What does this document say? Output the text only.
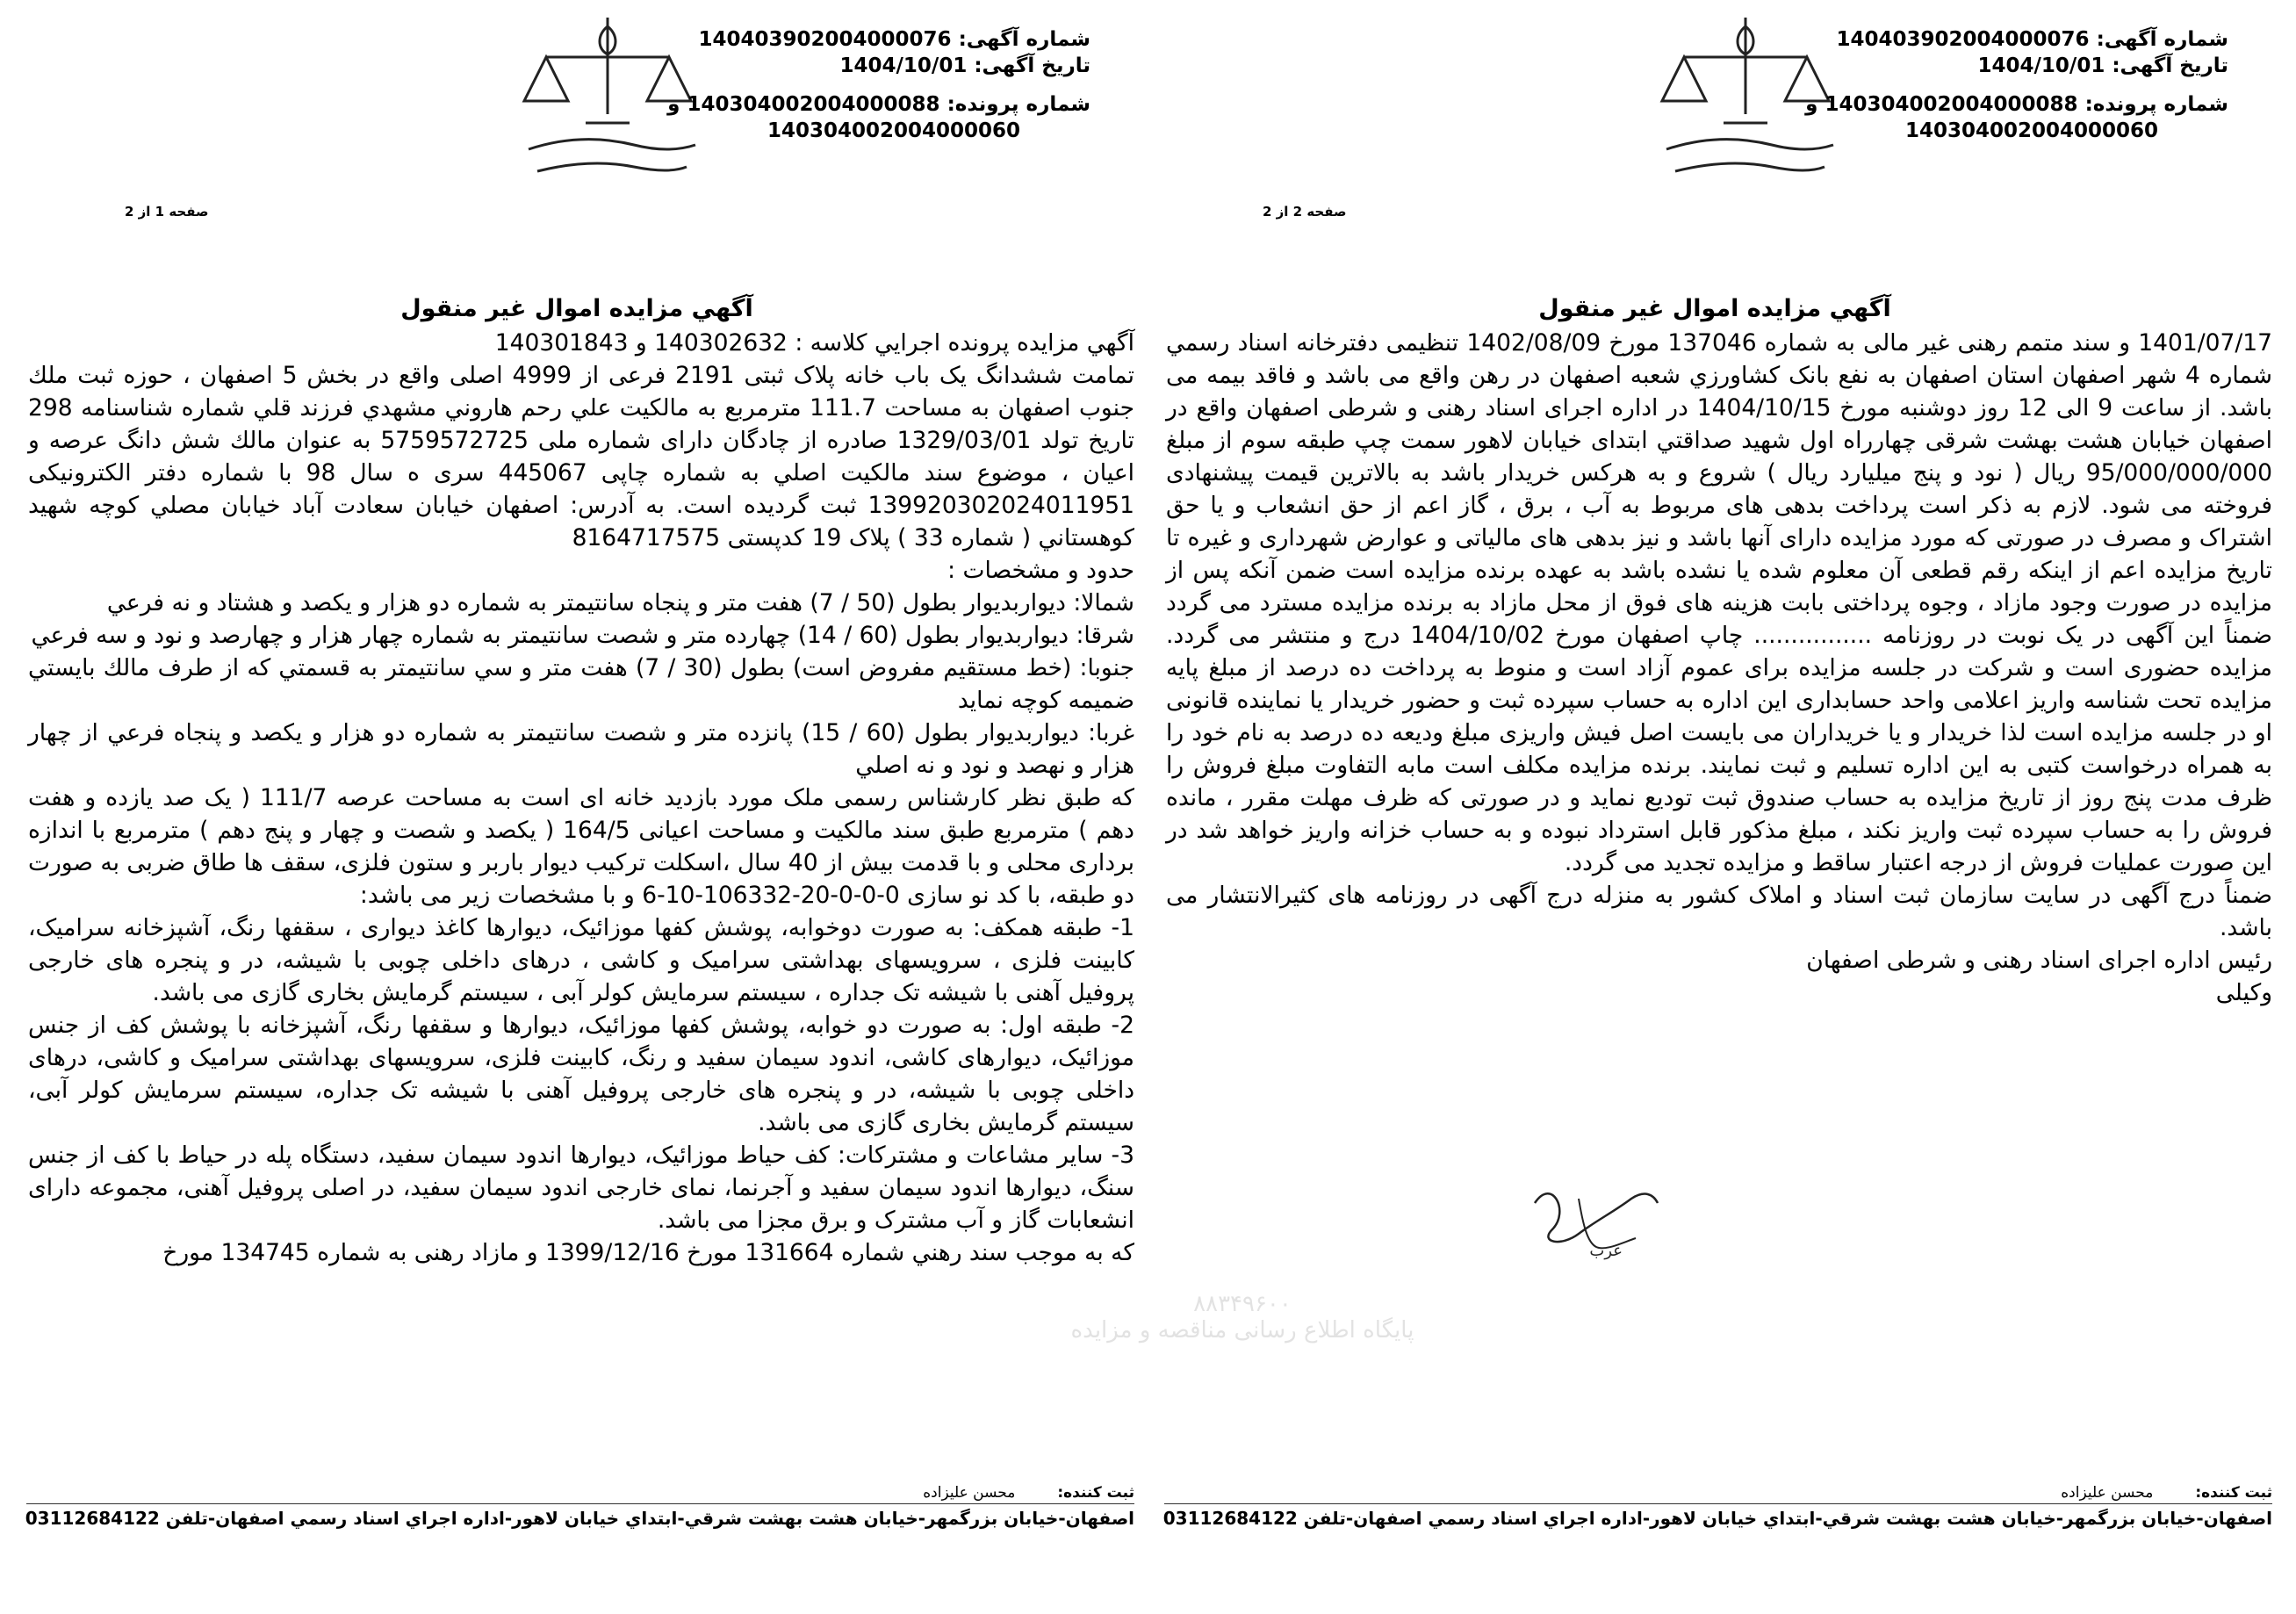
شماره آگهی: 140403902004000076
تاریخ آگهی: 1404/10/01
شماره پرونده: 140304002004000088 و
140304002004000060
صفحه 1 از 2
آگهي مزايده اموال غير منقول

آگهي مزايده پرونده اجرايي كلاسه : 140302632 و 140301843

تمامت ششدانگ یک باب خانه پلاک ثبتی 2191 فرعی از 4999 اصلی واقع در بخش 5 اصفهان ، حوزه ثبت ملك جنوب اصفهان به مساحت 111.7 مترمربع به مالكيت علي رحم هاروني مشهدي فرزند قلي شماره شناسنامه 298 تاريخ تولد 1329/03/01 صادره از چادگان دارای شماره ملی 5759572725 به عنوان مالك شش دانگ عرصه و اعيان ، موضوع سند مالكيت اصلي به شماره چاپی 445067 سری ه سال 98 با شماره دفتر الكترونيكی 139920302024011951 ثبت گرديده است. به آدرس: اصفهان خیابان سعادت آباد خيابان مصلي كوچه شهيد كوهستاني ( شماره 33 ) پلاک 19 كدپستی 8164717575

حدود و مشخصات :

شمالا: ديواربديوار بطول (50 / 7) هفت متر و پنجاه سانتيمتر به شماره دو هزار و يكصد و هشتاد و نه فرعي

شرقا: ديواربديوار بطول (60 / 14) چهارده متر و شصت سانتيمتر به شماره چهار هزار و چهارصد و نود و سه فرعي

جنوبا: (خط مستقيم مفروض است) بطول (30 / 7) هفت متر و سي سانتيمتر به قسمتي كه از طرف مالك بايستي ضميمه كوچه نمايد

غربا: ديواربديوار بطول (60 / 15) پانزده متر و شصت سانتيمتر به شماره دو هزار و يكصد و پنجاه فرعي از چهار هزار و نهصد و نود و نه اصلي

كه طبق نظر كارشناس رسمی ملک مورد بازديد خانه ای است به مساحت عرصه 111/7 ( يک صد يازده و هفت دهم ) مترمربع طبق سند مالكيت و مساحت اعيانی 164/5 ( يكصد و شصت و چهار و پنج دهم ) مترمربع با اندازه برداری محلی و با قدمت بيش از 40 سال ،اسكلت تركيب ديوار باربر و ستون فلزی، سقف ها طاق ضربی به صورت دو طبقه، با كد نو سازی 0-0-0-20-106332-10-6 و با مشخصات زير می باشد:

1- طبقه همكف: به صورت دوخوابه، پوشش كفها موزائيک، ديوارها كاغذ ديواری ، سقفها رنگ، آشپزخانه سراميک، كابينت فلزی ، سرويسهای بهداشتی سراميک و كاشی ، درهای داخلی چوبی با شيشه، در و پنجره های خارجی پروفيل آهنی با شيشه تک جداره ، سيستم سرمايش كولر آبی ، سيستم گرمايش بخاری گازی می باشد.

2- طبقه اول: به صورت دو خوابه، پوشش كفها موزائيک، ديوارها و سقفها رنگ، آشپزخانه با پوشش كف از جنس موزائيک، ديوارهای كاشی، اندود سيمان سفيد و رنگ، كابينت فلزی، سرويسهای بهداشتی سراميک و كاشی، درهای داخلی چوبی با شيشه، در و پنجره های خارجی پروفيل آهنی با شيشه تک جداره، سيستم سرمايش كولر آبی، سيستم گرمايش بخاری گازی می باشد.

3- ساير مشاعات و مشتركات: كف حياط موزائيک، ديوارها اندود سيمان سفيد، دستگاه پله در حياط با كف از جنس سنگ، ديوارها اندود سيمان سفيد و آجرنما، نمای خارجی اندود سيمان سفيد، در اصلی پروفيل آهنی، مجموعه دارای انشعابات گاز و آب مشترک و برق مجزا می باشد.

كه به موجب سند رهني شماره 131664 مورخ 1399/12/16 و مازاد رهنی به شماره 134745 مورخ

ثبت كننده:محسن عليزاده
اصفهان-خيابان بزرگمهر-خيابان هشت بهشت شرقي-ابتداي خيابان لاهور-اداره اجراي اسناد رسمي اصفهان-تلفن 03112684122
شماره آگهی: 140403902004000076
تاریخ آگهی: 1404/10/01
شماره پرونده: 140304002004000088 و
140304002004000060
صفحه 2 از 2
آگهي مزايده اموال غير منقول

1401/07/17 و سند متمم رهنی غير مالی به شماره 137046 مورخ 1402/08/09 تنظيمی دفترخانه اسناد رسمي شماره 4 شهر اصفهان استان اصفهان به نفع بانک كشاورزي شعبه اصفهان در رهن واقع می باشد و فاقد بيمه می باشد. از ساعت 9 الی 12 روز دوشنبه مورخ 1404/10/15 در اداره اجرای اسناد رهنی و شرطی اصفهان واقع در اصفهان خيابان هشت بهشت شرقی چهارراه اول شهيد صداقتي ابتدای خيابان لاهور سمت چپ طبقه سوم از مبلغ 95/000/000/000 ريال ( نود و پنج ميليارد ريال ) شروع و به هركس خريدار باشد به بالاترين قيمت پيشنهادی فروخته می شود. لازم به ذكر است پرداخت بدهی های مربوط به آب ، برق ، گاز اعم از حق انشعاب و يا حق اشتراک و مصرف در صورتی كه مورد مزايده دارای آنها باشد و نيز بدهی های مالياتی و عوارض شهرداری و غيره تا تاريخ مزايده اعم از اينكه رقم قطعی آن معلوم شده يا نشده باشد به عهده برنده مزايده است ضمن آنكه پس از مزايده در صورت وجود مازاد ، وجوه پرداختی بابت هزينه های فوق از محل مازاد به برنده مزايده مسترد می گردد ضمناً اين آگهی در يک نوبت در روزنامه ................ چاپ اصفهان مورخ 1404/10/02 درج و منتشر می گردد. مزايده حضوری است و شركت در جلسه مزايده برای عموم آزاد است و منوط به پرداخت ده درصد از مبلغ پايه مزايده تحت شناسه واريز اعلامی واحد حسابداری اين اداره به حساب سپرده ثبت و حضور خريدار يا نماينده قانونی او در جلسه مزايده است لذا خريدار و يا خريداران می بايست اصل فيش واريزی مبلغ وديعه ده درصد به نام خود را به همراه درخواست كتبی به اين اداره تسليم و ثبت نمايند. برنده مزايده مكلف است مابه التفاوت مبلغ فروش را ظرف مدت پنج روز از تاريخ مزايده به حساب صندوق ثبت توديع نمايد و در صورتی كه ظرف مهلت مقرر ، مانده فروش را به حساب سپرده ثبت واريز نكند ، مبلغ مذكور قابل استرداد نبوده و به حساب خزانه واريز خواهد شد در اين صورت عمليات فروش از درجه اعتبار ساقط و مزايده تجديد می گردد.

ضمناً درج آگهی در سايت سازمان ثبت اسناد و املاک كشور به منزله درج آگهی در روزنامه های كثيرالانتشار می باشد.

رئيس اداره اجرای اسناد رهنی و شرطی اصفهان

وكيلی

عرب
ثبت كننده:محسن عليزاده
اصفهان-خيابان بزرگمهر-خيابان هشت بهشت شرقي-ابتداي خيابان لاهور-اداره اجراي اسناد رسمي اصفهان-تلفن 03112684122
۸۸۳۴۹۶۰۰
پایگاه اطلاع رسانی مناقصه و مزایده
